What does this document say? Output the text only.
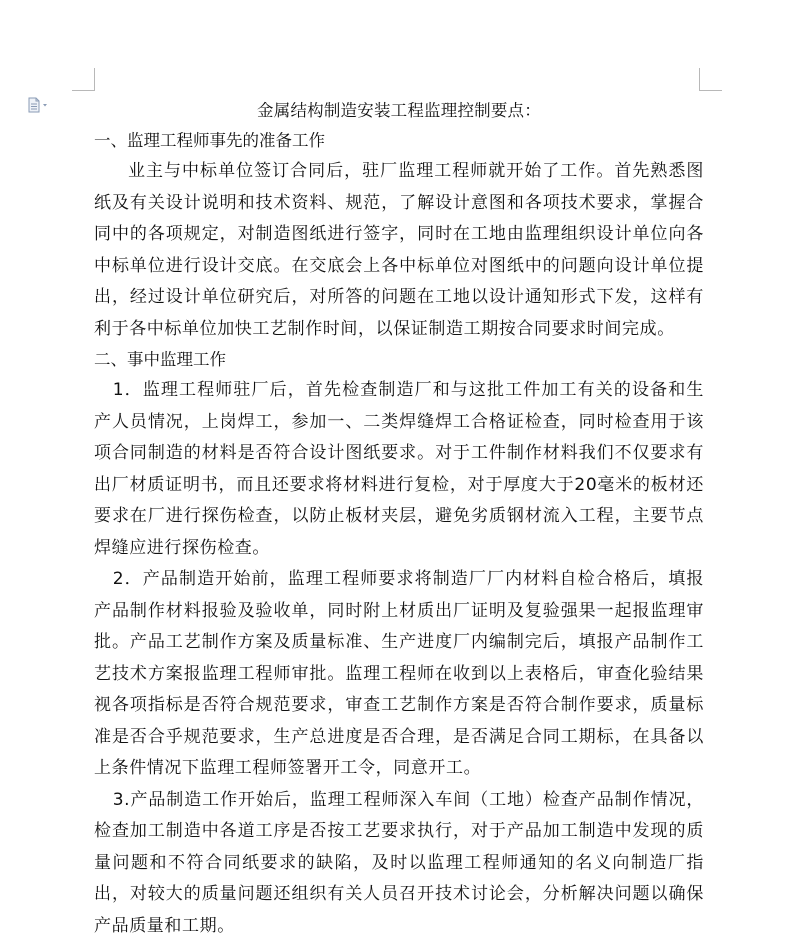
金属结构制造安装工程监理控制要点：

一、监理工程师事先的准备工作

业主与中标单位签订合同后，驻厂监理工程师就开始了工作。首先熟悉图纸及有关设计说明和技术资料、规范，了解设计意图和各项技术要求，掌握合同中的各项规定，对制造图纸进行签字，同时在工地由监理组织设计单位向各中标单位进行设计交底。在交底会上各中标单位对图纸中的问题向设计单位提出，经过设计单位研究后，对所答的问题在工地以设计通知形式下发，这样有利于各中标单位加快工艺制作时间，以保证制造工期按合同要求时间完成。

二、事中监理工作

1．监理工程师驻厂后，首先检查制造厂和与这批工件加工有关的设备和生产人员情况，上岗焊工，参加一、二类焊缝焊工合格证检查，同时检查用于该项合同制造的材料是否符合设计图纸要求。对于工件制作材料我们不仅要求有出厂材质证明书，而且还要求将材料进行复检，对于厚度大于20毫米的板材还要求在厂进行探伤检查，以防止板材夹层，避免劣质钢材流入工程，主要节点焊缝应进行探伤检查。

2．产品制造开始前，监理工程师要求将制造厂厂内材料自检合格后，填报产品制作材料报验及验收单，同时附上材质出厂证明及复验强果一起报监理审批。产品工艺制作方案及质量标准、生产进度厂内编制完后，填报产品制作工艺技术方案报监理工程师审批。监理工程师在收到以上表格后，审查化验结果视各项指标是否符合规范要求，审查工艺制作方案是否符合制作要求，质量标准是否合乎规范要求，生产总进度是否合理，是否满足合同工期标，在具备以上条件情况下监理工程师签署开工令，同意开工。

3.产品制造工作开始后，监理工程师深入车间（工地）检查产品制作情况，检查加工制造中各道工序是否按工艺要求执行，对于产品加工制造中发现的质量问题和不符合同纸要求的缺陷，及时以监理工程师通知的名义向制造厂指出，对较大的质量问题还组织有关人员召开技术讨论会，分析解决问题以确保产品质量和工期。
